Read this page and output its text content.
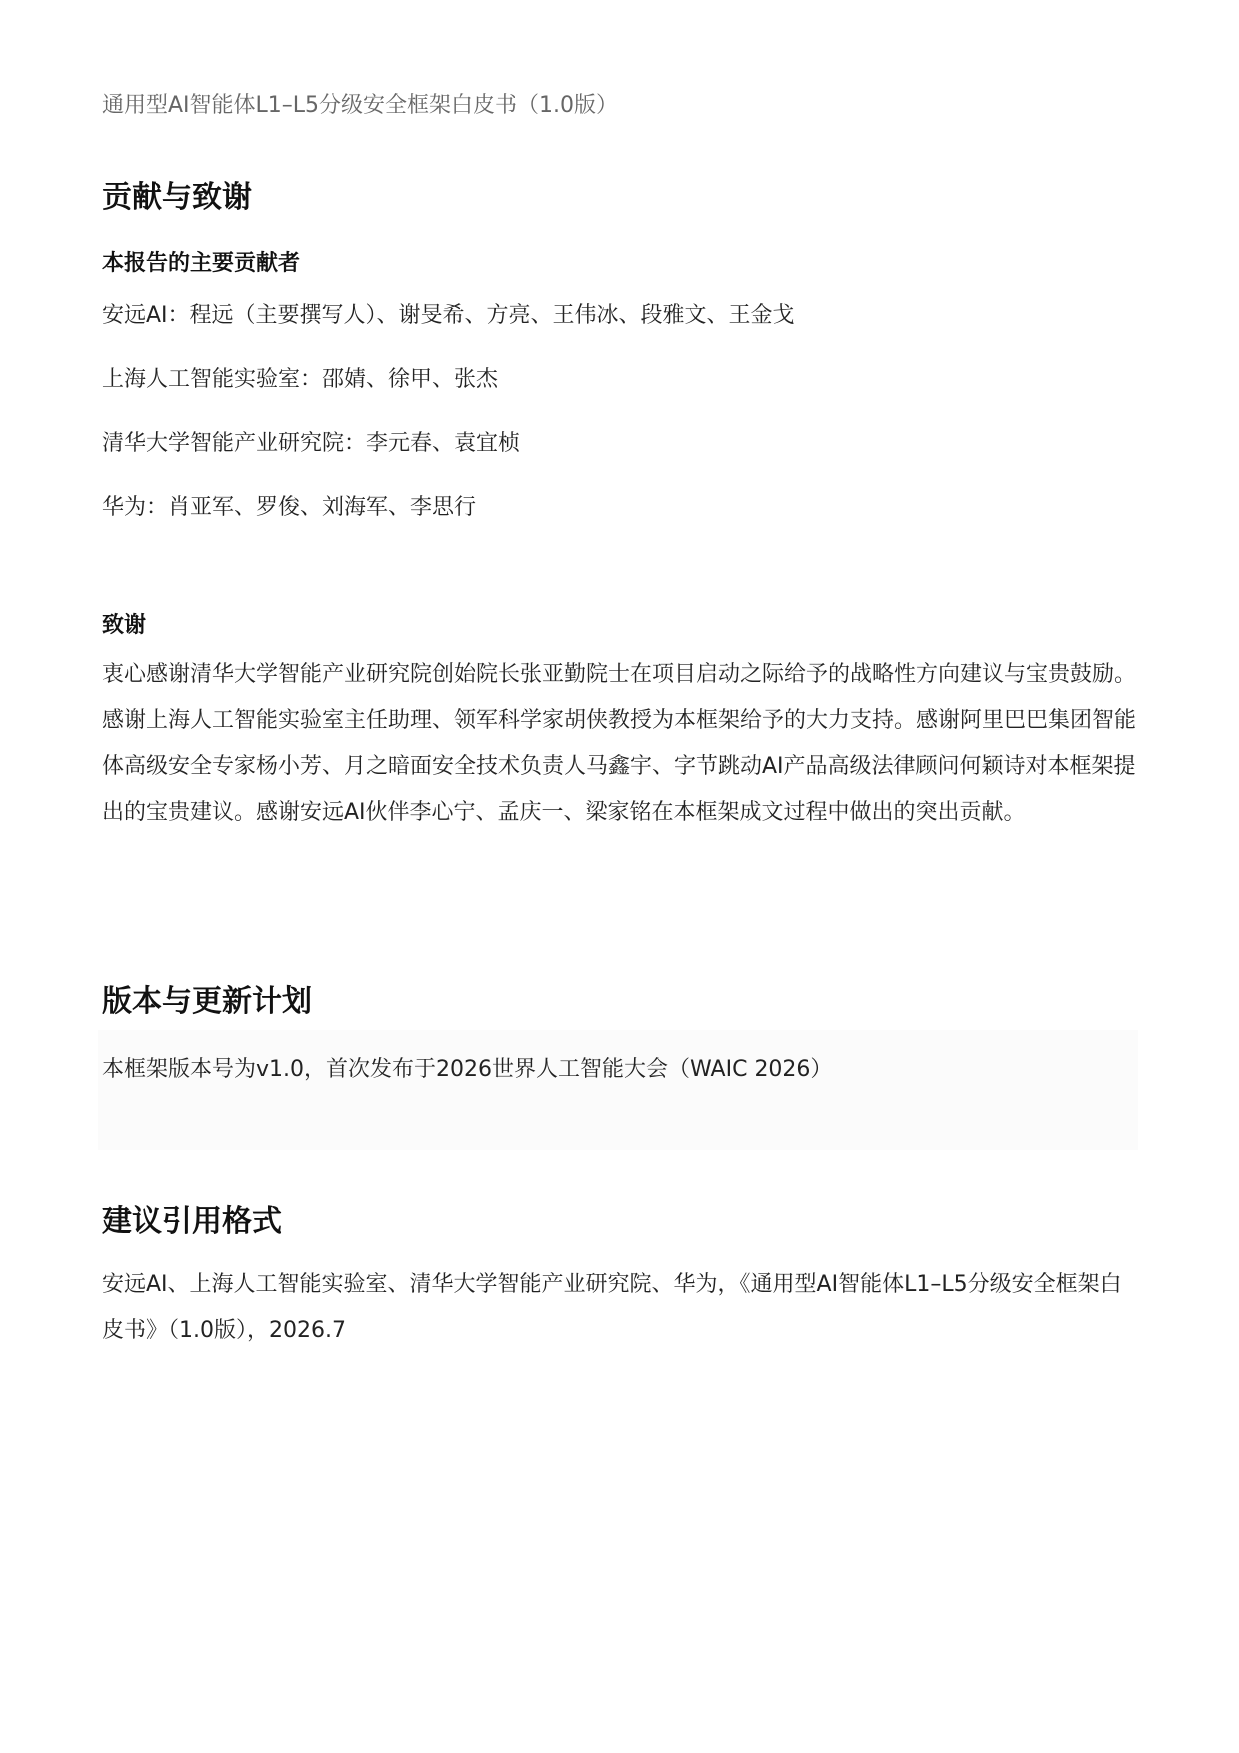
通用型AI智能体L1–L5分级安全框架白皮书（1.0版）

贡献与致谢
本报告的主要贡献者

安远AI：程远（主要撰写人）、谢旻希、方亮、王伟冰、段雅文、王金戈

上海人工智能实验室：邵婧、徐甲、张杰

清华大学智能产业研究院：李元春、袁宜桢

华为：肖亚军、罗俊、刘海军、李思行

致谢

衷心感谢清华大学智能产业研究院创始院长张亚勤院士在项目启动之际给予的战略性方向建议与宝贵鼓励。感谢上海人工智能实验室主任助理、领军科学家胡侠教授为本框架给予的大力支持。感谢阿里巴巴集团智能体高级安全专家杨小芳、月之暗面安全技术负责人马鑫宇、字节跳动AI产品高级法律顾问何颖诗对本框架提出的宝贵建议。感谢安远AI伙伴李心宁、孟庆一、梁家铭在本框架成文过程中做出的突出贡献。

版本与更新计划

本框架版本号为v1.0，首次发布于2026世界人工智能大会（WAIC 2026）

建议引用格式

安远AI、上海人工智能实验室、清华大学智能产业研究院、华为，《通用型AI智能体L1–L5分级安全框架白皮书》（1.0版），2026.7
